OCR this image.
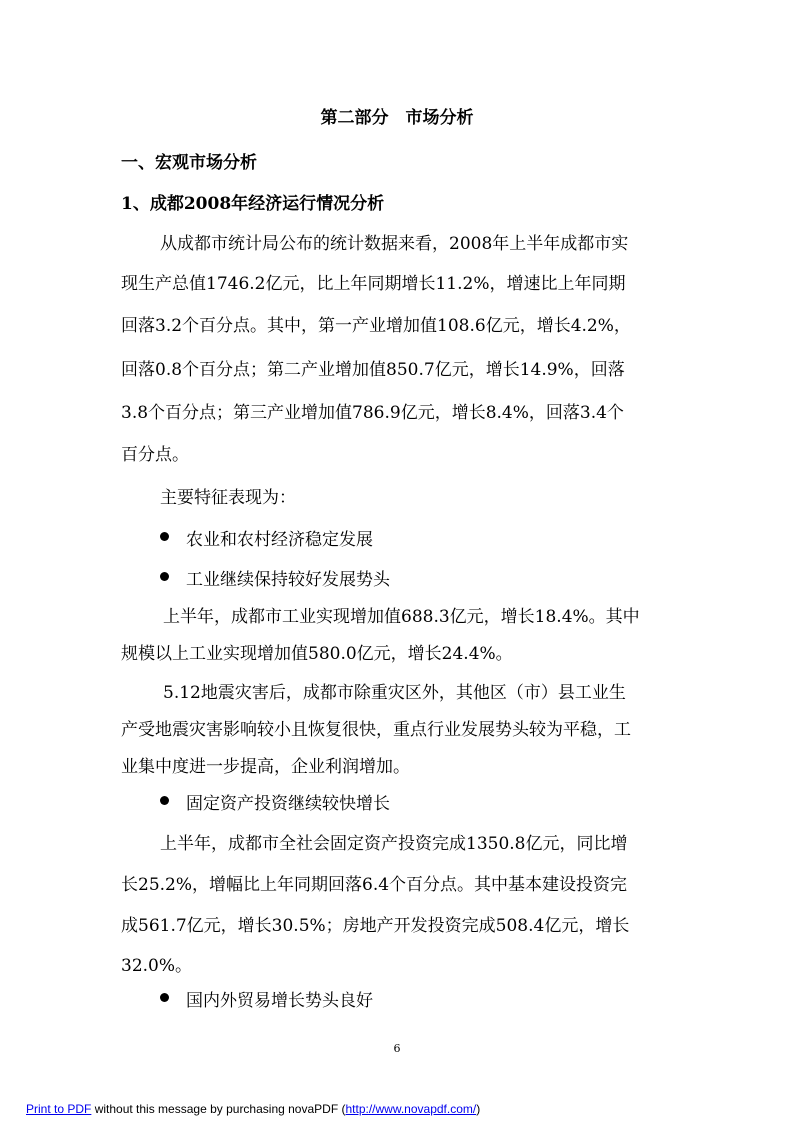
第二部分　市场分析
一、宏观市场分析
1、成都2008年经济运行情况分析
从成都市统计局公布的统计数据来看，2008年上半年成都市实
现生产总值1746.2亿元，比上年同期增长11.2%，增速比上年同期
回落3.2个百分点。其中，第一产业增加值108.6亿元，增长4.2%，
回落0.8个百分点；第二产业增加值850.7亿元，增长14.9%，回落
3.8个百分点；第三产业增加值786.9亿元，增长8.4%，回落3.4个
百分点。
主要特征表现为：
农业和农村经济稳定发展
工业继续保持较好发展势头
上半年，成都市工业实现增加值688.3亿元，增长18.4%。其中
规模以上工业实现增加值580.0亿元，增长24.4%。
5.12地震灾害后，成都市除重灾区外，其他区（市）县工业生
产受地震灾害影响较小且恢复很快，重点行业发展势头较为平稳，工
业集中度进一步提高，企业利润增加。
固定资产投资继续较快增长
上半年，成都市全社会固定资产投资完成1350.8亿元，同比增
长25.2%，增幅比上年同期回落6.4个百分点。其中基本建设投资完
成561.7亿元，增长30.5%；房地产开发投资完成508.4亿元，增长
32.0%。
国内外贸易增长势头良好
6
Print to PDF without this message by purchasing novaPDF (http://www.novapdf.com/)
